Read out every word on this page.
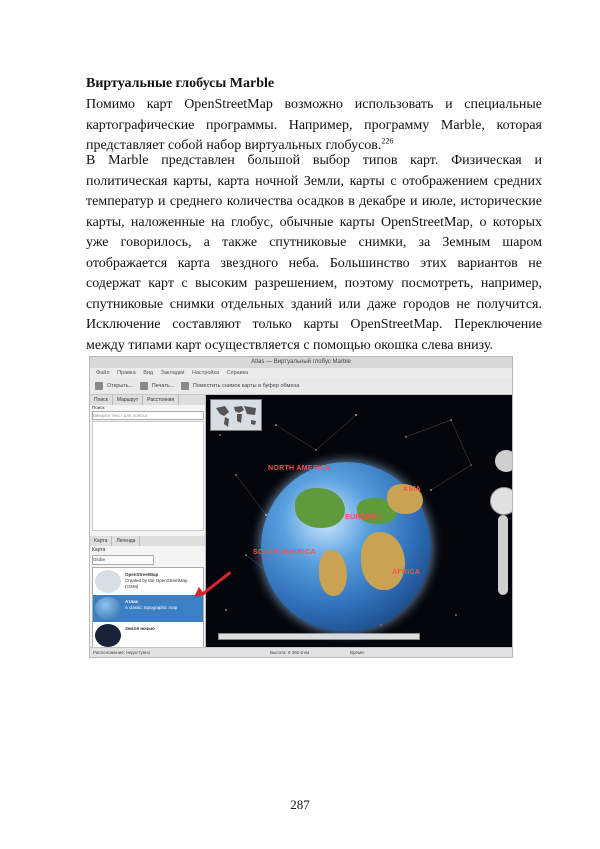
Виртуальные глобусы Marble

Помимо карт OpenStreetMap возможно использовать и специальные картографические программы. Например, программу Marble, которая представляет собой набор виртуальных глобусов.$^{226}$

В Marble представлен большой выбор типов карт. Физическая и политическая карты, карта ночной Земли, карты с отображением средних температур и среднего количества осадков в декабре и июле, исторические карты, наложенные на глобус, обычные карты OpenStreetMap, о которых уже говорилось, а также спутниковые снимки, за Земным шаром отображается карта звездного неба. Большинство этих вариантов не содержат карт с высоким разрешением, поэтому посмотреть, например, спутниковые снимки отдельных зданий или даже городов не получится. Исключение составляют только карты OpenStreetMap. Переключение между типами карт осуществляется с помощью окошка слева внизу.

Atlas — Виртуальный глобус Marble
Файл Правка Вид Закладки Настройка Справка
Открыть...	Печать...	Поместить снимок карты в буфер обмена
Поиск Маршрут Расстояния
Поиск
Введите текст для поиска
Карта Легенда
Карта
Globe
OpenStreetMap
Created by the OpenStreetMap (OSM)
Атлас
A classic topographic map
Земля ночью
NORTH AMERICA
ASIA
EUROPE
SOUTH AMERICA
AFRICA
Расположение: недоступно	Высота: 9 392.9 км	Время:
287
